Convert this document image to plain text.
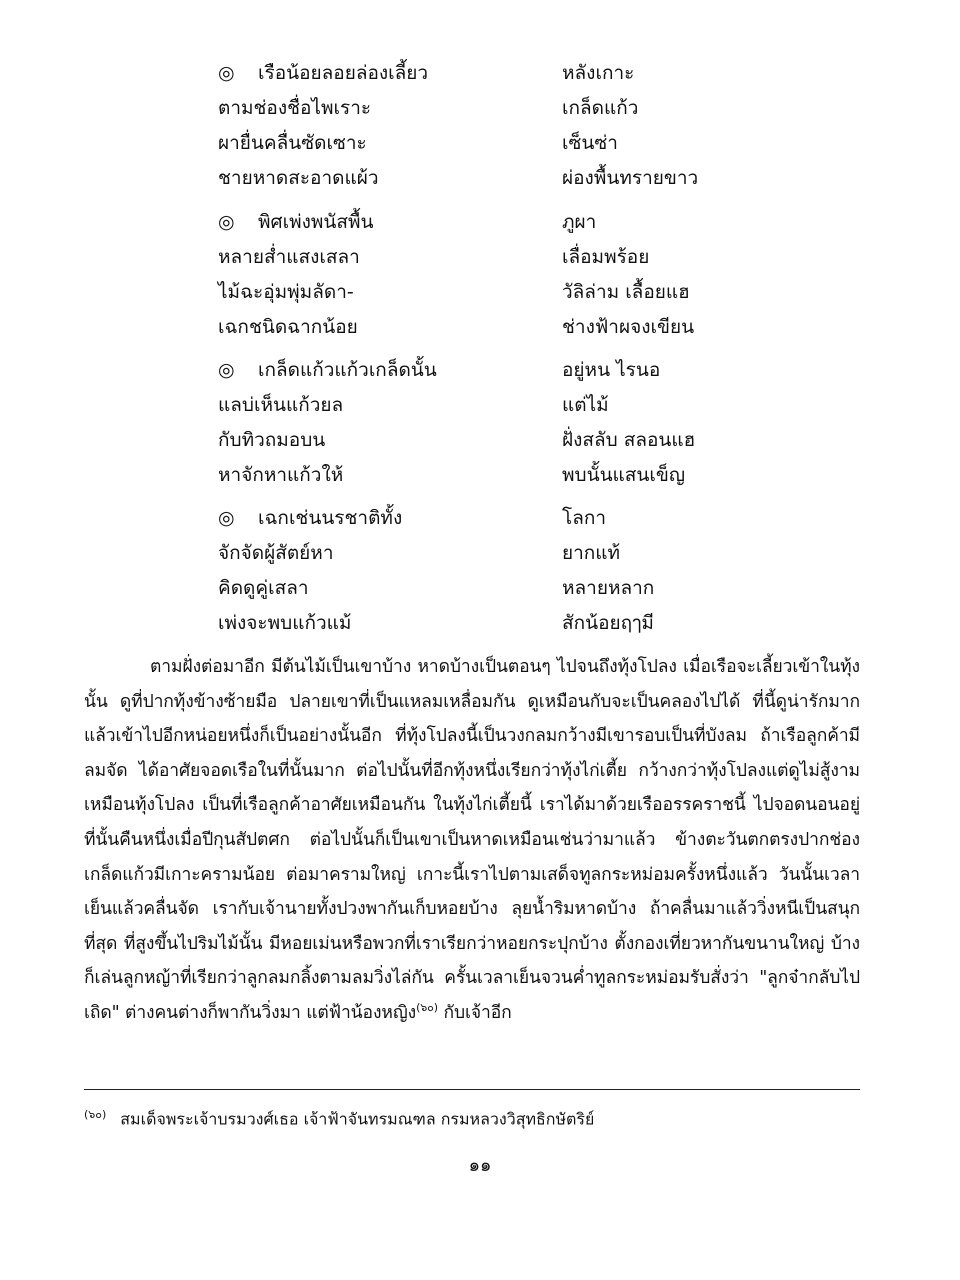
◎ เรือน้อยลอยล่องเลี้ยว	หลังเกาะ
ตามช่องชื่อไพเราะ	เกล็ดแก้ว
ผายื่นคลื่นซัดเซาะ	เซ็นซ่า
ชายหาดสะอาดแผ้ว	ผ่องพื้นทรายขาว
◎ พิศเพ่งพนัสพื้น	ภูผา
หลายส่ำแสงเสลา	เลื่อมพร้อย
ไม้ฉะอุ่มพุ่มลัดา-	วัลิล่าม เลื้อยแฮ
เฉกชนิดฉากน้อย	ช่างฟ้าผจงเขียน
◎ เกล็ดแก้วแก้วเกล็ดนั้น	อยู่หน ไรนอ
แลบ่เห็นแก้วยล	แต่ไม้
กับทิวถมอบน	ฝั่งสลับ สลอนแฮ
หาจักหาแก้วให้	พบนั้นแสนเข็ญ
◎ เฉกเช่นนรชาติทั้ง	โลกา
จักจัดผู้สัตย์หา	ยากแท้
คิดดูคู่เสลา	หลายหลาก
เพ่งจะพบแก้วแม้	สักน้อยฤๅมี

ตามฝั่งต่อมาอีก มีต้นไม้เป็นเขาบ้าง หาดบ้างเป็นตอนๆ ไปจนถึงทุ้งโปลง เมื่อเรือจะเลี้ยวเข้าในทุ้งนั้น ดูที่ปากทุ้งข้างซ้ายมือ ปลายเขาที่เป็นแหลมเหลื่อมกัน ดูเหมือนกับจะเป็นคลองไปได้ ที่นี้ดูน่ารักมาก แล้วเข้าไปอีกหน่อยหนึ่งก็เป็นอย่างนั้นอีก ที่ทุ้งโปลงนี้เป็นวงกลมกว้างมีเขารอบเป็นที่บังลม ถ้าเรือลูกค้ามีลมจัด ได้อาศัยจอดเรือในที่นั้นมาก ต่อไปนั้นที่อีกทุ้งหนึ่งเรียกว่าทุ้งไก่เตี้ย กว้างกว่าทุ้งโปลงแต่ดูไม่สู้งามเหมือนทุ้งโปลง เป็นที่เรือลูกค้าอาศัยเหมือนกัน ในทุ้งไก่เตี้ยนี้ เราได้มาด้วยเรืออรรคราชนี้ ไปจอดนอนอยู่ที่นั้นคืนหนึ่งเมื่อปีกุนสัปตศก ต่อไปนั้นก็เป็นเขาเป็นหาดเหมือนเช่นว่ามาแล้ว ข้างตะวันตกตรงปากช่องเกล็ดแก้วมีเกาะครามน้อย ต่อมาครามใหญ่ เกาะนี้เราไปตามเสด็จทูลกระหม่อมครั้งหนึ่งแล้ว วันนั้นเวลาเย็นแล้วคลื่นจัด เรากับเจ้านายทั้งปวงพากันเก็บหอยบ้าง ลุยน้ำริมหาดบ้าง ถ้าคลื่นมาแล้ววิ่งหนีเป็นสนุกที่สุด ที่สูงขึ้นไปริมไม้นั้น มีหอยเม่นหรือพวกที่เราเรียกว่าหอยกระปุกบ้าง ตั้งกองเที่ยวหากันขนานใหญ่ บ้างก็เล่นลูกหญ้าที่เรียกว่าลูกลมกลิ้งตามลมวิ่งไล่กัน ครั้นเวลาเย็นจวนค่ำทูลกระหม่อมรับสั่งว่า "ลูกจ๋ากลับไปเถิด" ต่างคนต่างก็พากันวิ่งมา แต่ฟ้าน้องหญิง$^{(๖๐)}$ กับเจ้าอีก

$^{(๖๐)}$ สมเด็จพระเจ้าบรมวงศ์เธอ เจ้าฟ้าจันทรมณฑล กรมหลวงวิสุทธิกษัตริย์
๑๑
